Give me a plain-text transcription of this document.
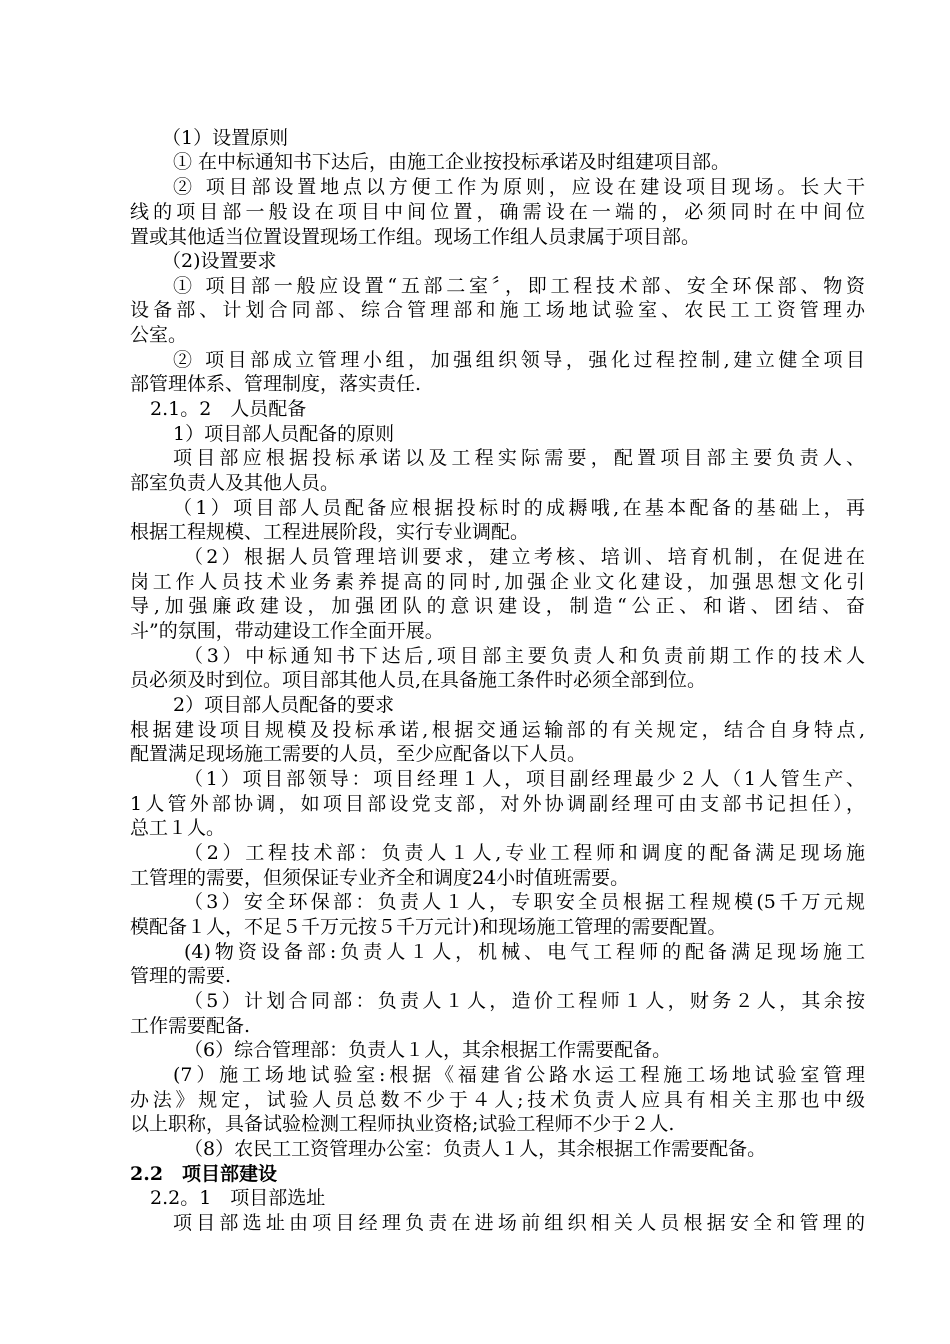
（1）设置原则
① 在中标通知书下达后，由施工企业按投标承诺及时组建项目部。
② 项目部设置地点以方便工作为原则，应设在建设项目现场。长大干
线的项目部一般设在项目中间位置，确需设在一端的，必须同时在中间位
置或其他适当位置设置现场工作组。现场工作组人员隶属于项目部。
（2)设置要求
① 项目部一般应设置“五部二室〞，即工程技术部、安全环保部、物资
设备部、计划合同部、综合管理部和施工场地试验室、农民工工资管理办
公室。
② 项目部成立管理小组，加强组织领导，强化过程控制,建立健全项目
部管理体系、管理制度，落实责任.
2.1。2　人员配备
1）项目部人员配备的原则
项目部应根据投标承诺以及工程实际需要，配置项目部主要负责人、
部室负责人及其他人员。
（1）项目部人员配备应根据投标时的成耨哦,在基本配备的基础上，再
根据工程规模、工程进展阶段，实行专业调配。
（2）根据人员管理培训要求，建立考核、培训、培育机制，在促进在
岗工作人员技术业务素养提高的同时,加强企业文化建设，加强思想文化引
导,加强廉政建设，加强团队的意识建设，制造“公正、和谐、团结、奋
斗”的氛围，带动建设工作全面开展。
（3）中标通知书下达后,项目部主要负责人和负责前期工作的技术人
员必须及时到位。项目部其他人员,在具备施工条件时必须全部到位。
2）项目部人员配备的要求
根据建设项目规模及投标承诺,根据交通运输部的有关规定，结合自身特点,
配置满足现场施工需要的人员，至少应配备以下人员。
（1）项目部领导：项目经理１人，项目副经理最少２人（1人管生产、
1人管外部协调，如项目部设党支部，对外协调副经理可由支部书记担任），
总工１人。
（2）工程技术部：负责人１人,专业工程师和调度的配备满足现场施
工管理的需要，但须保证专业齐全和调度24小时值班需要。
（3）安全环保部：负责人１人，专职安全员根据工程规模(5千万元规
模配备１人，不足５千万元按５千万元计)和现场施工管理的需要配置。
(4)物资设备部:负责人１人，机械、电气工程师的配备满足现场施工
管理的需要.
（5）计划合同部：负责人１人，造价工程师１人，财务２人，其余按
工作需要配备.
（6）综合管理部：负责人１人，其余根据工作需要配备。
(7）施工场地试验室:根据《福建省公路水运工程施工场地试验室管理
办法》规定，试验人员总数不少于４人;技术负责人应具有相关主那也中级
以上职称，具备试验检测工程师执业资格;试验工程师不少于２人.
（8）农民工工资管理办公室：负责人１人，其余根据工作需要配备。
2.2　项目部建设
2.2。1　项目部选址
项目部选址由项目经理负责在进场前组织相关人员根据安全和管理的
